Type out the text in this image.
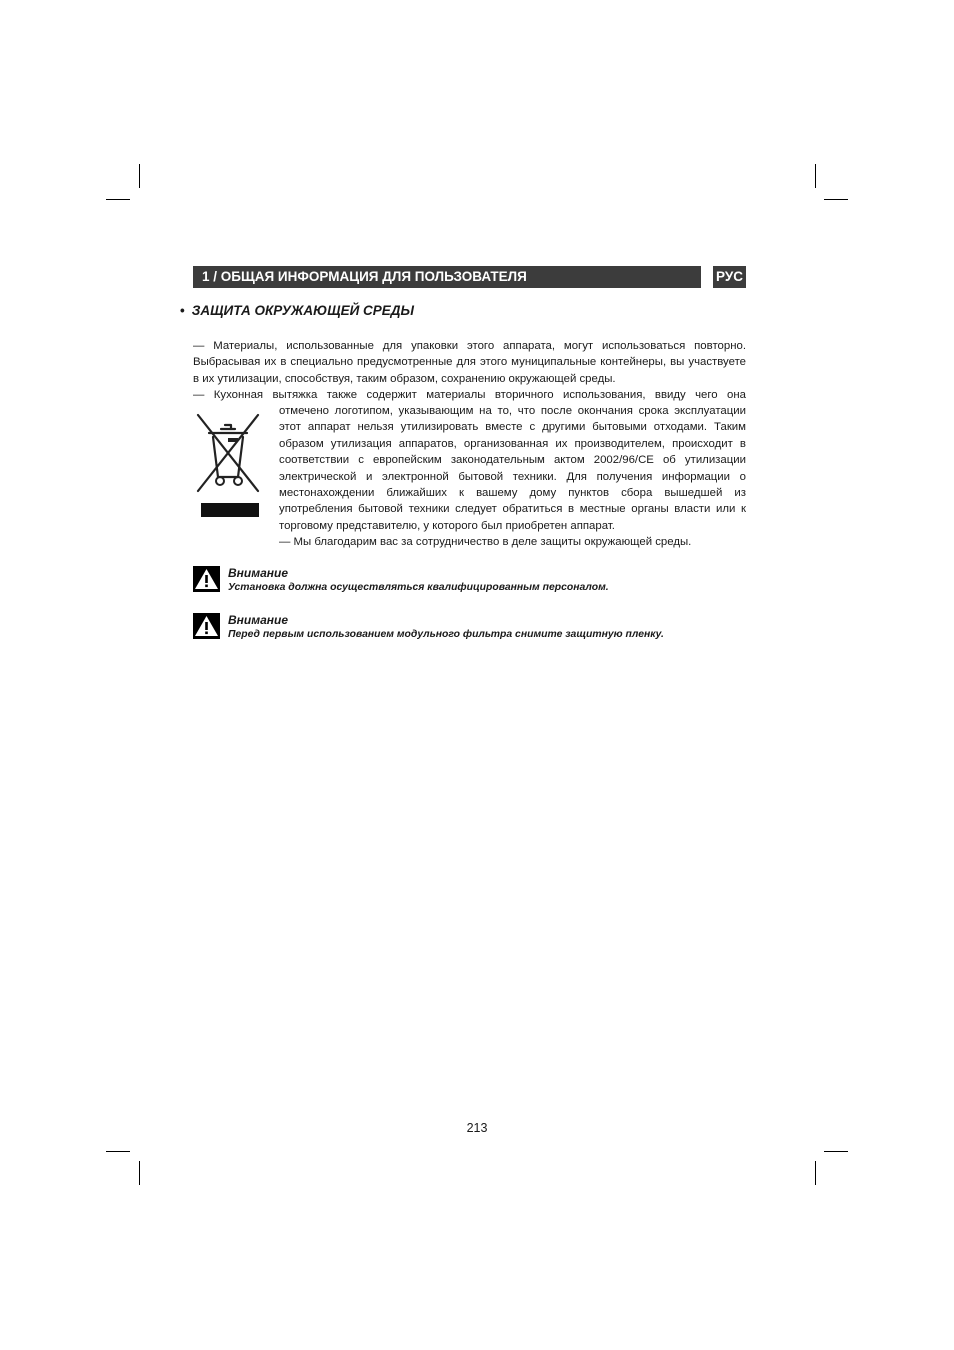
1 / ОБЩАЯ ИНФОРМАЦИЯ ДЛЯ ПОЛЬЗОВАТЕЛЯ	РУС
• ЗАЩИТА ОКРУЖАЮЩЕЙ СРЕДЫ
— Материалы, использованные для упаковки этого аппарата, могут использоваться повторно. Выбрасывая их в специально предусмотренные для этого муниципальные контейнеры, вы участвуете в их утилизации, способствуя, таким образом, сохранению окружающей среды.
— Кухонная вытяжка также содержит материалы вторичного использования, ввиду чего она
отмечено логотипом, указывающим на то, что после окончания срока эксплуатации этот аппарат нельзя утилизировать вместе с другими бытовыми отходами. Таким образом утилизация аппаратов, организованная их производителем, происходит в соответствии с европейским законодательным актом 2002/96/CE об утилизации электрической и электронной бытовой техники. Для получения информации о местонахождении ближайших к вашему дому пунктов сбора вышедшей из употребления бытовой техники следует обратиться в местные органы власти или к торговому представителю, у которого был приобретен аппарат.
— Мы благодарим вас за сотрудничество в деле защиты окружающей среды.
Внимание
Установка должна осуществляться квалифицированным персоналом.
Внимание
Перед первым использованием модульного фильтра снимите защитную пленку.
213
